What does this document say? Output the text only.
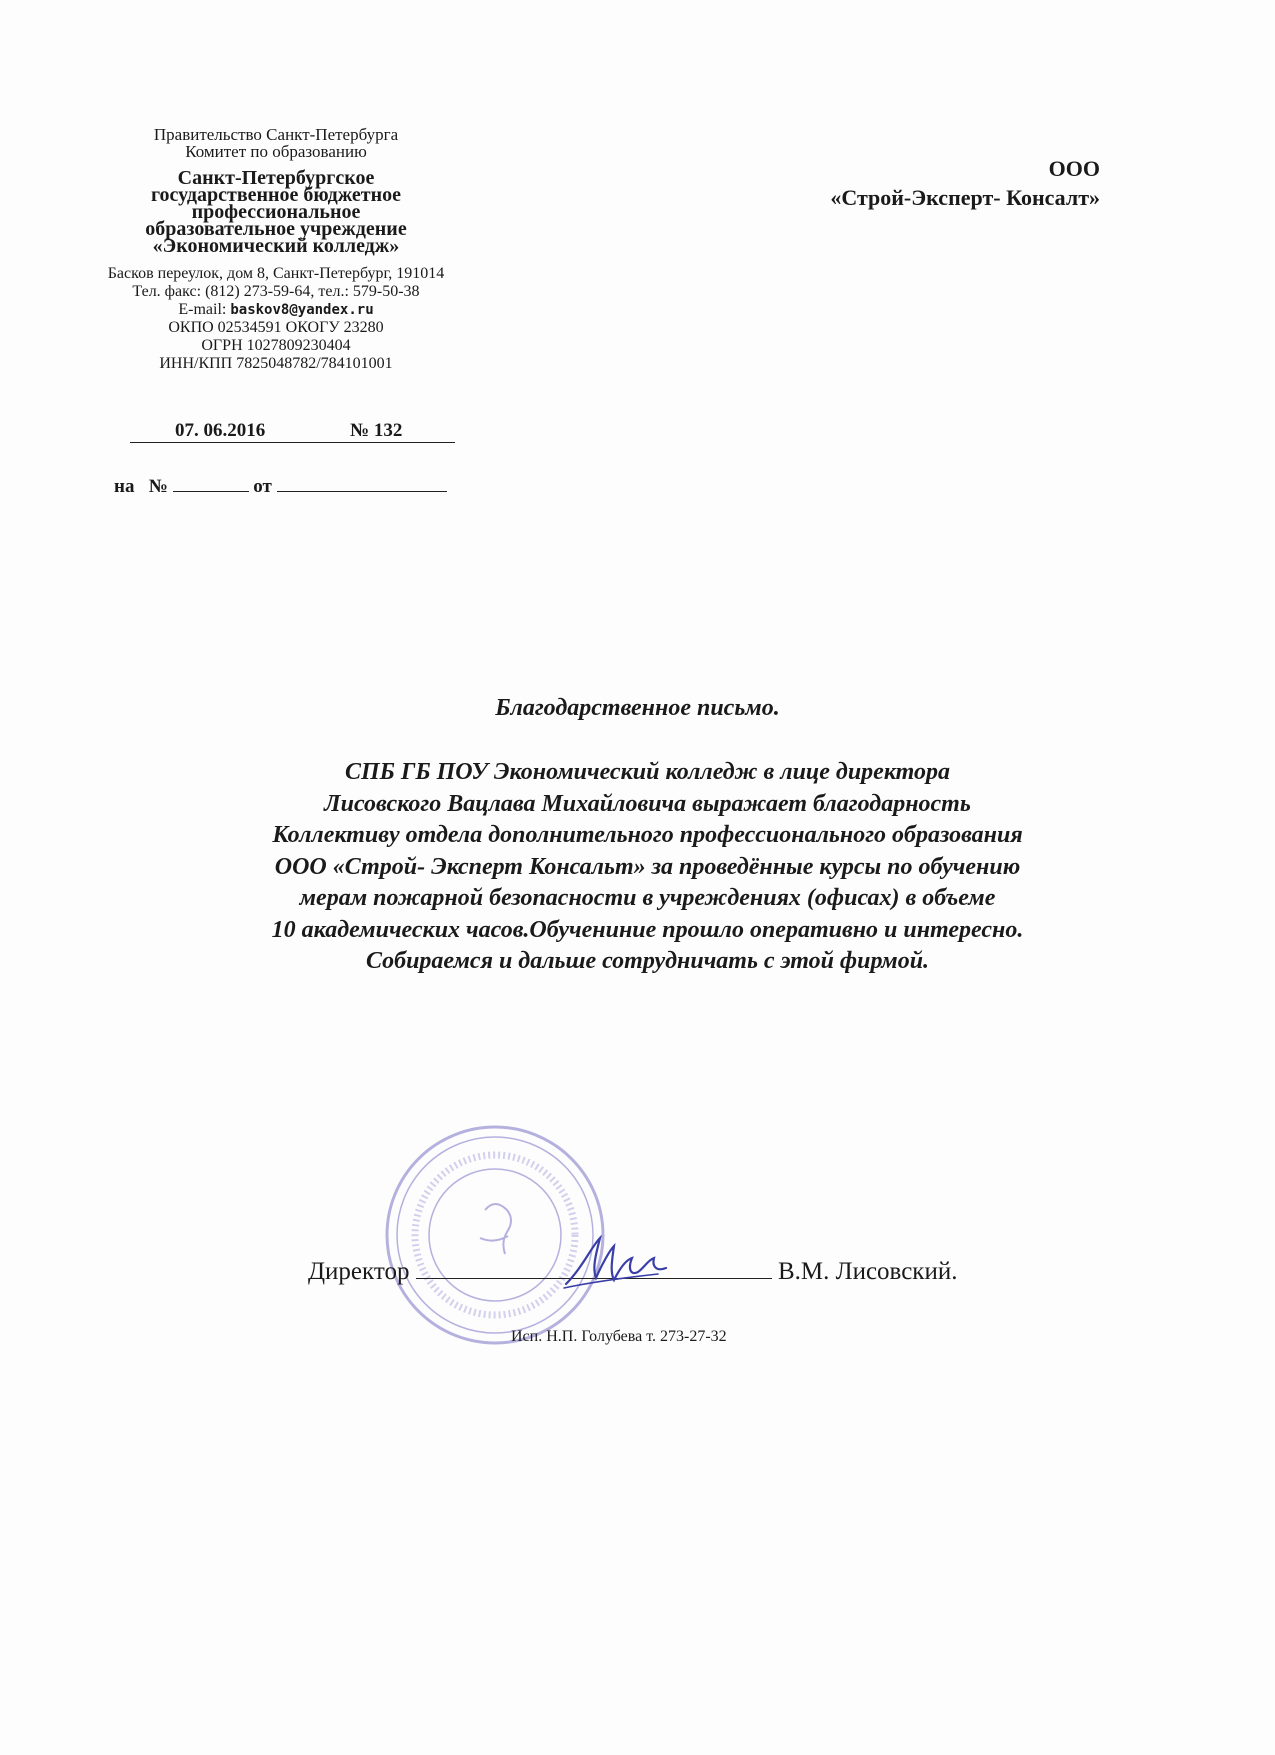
Правительство Санкт-Петербурга
Комитет по образованию
Санкт-Петербургское
государственное бюджетное
профессиональное
образовательное учреждение
«Экономический колледж»
Басков переулок, дом 8, Санкт-Петербург, 191014
Тел. факс: (812) 273-59-64, тел.: 579-50-38
E-mail: baskov8@yandex.ru
ОКПО 02534591 ОКОГУ 23280
ОГРН 1027809230404
ИНН/КПП 7825048782/784101001
07. 06.2016	№ 132
на №	от
ООО
«Строй-Эксперт- Консалт»
Благодарственное письмо.
СПБ ГБ ПОУ Экономический колледж в лице директора
Лисовского Вацлава Михайловича выражает благодарность
Коллективу отдела дополнительного профессионального образования
ООО «Строй- Эксперт Консальт» за проведённые курсы по обучению
мерам пожарной безопасности в учреждениях (офисах) в объеме
10 академических часов.Обучениние прошло оперативно и интересно.
Собираемся и дальше сотрудничать с этой фирмой.
Директор	В.М. Лисовский.
Исп. Н.П. Голубева т. 273-27-32
